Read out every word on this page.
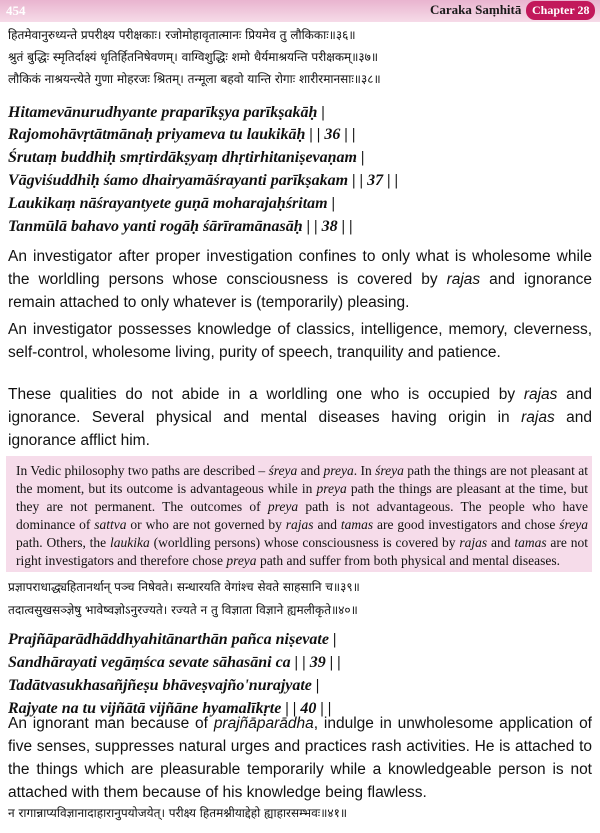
454	Caraka Saṃhitā Chapter 28
हितमेवानुरुध्यन्ते प्रपरीक्ष्य परीक्षकाः। रजोमोहावृतात्मानः प्रियमेव तु लौकिकाः॥३६॥
श्रुतं बुद्धिः स्मृतिर्दाक्ष्यं धृतिर्हितनिषेवणम्। वाग्विशुद्धिः शमो धैर्यमाश्रयन्ति परीक्षकम्॥३७॥
लौकिकं नाश्रयन्त्येते गुणा मोहरजः श्रितम्। तन्मूला बहवो यान्ति रोगाः शारीरमानसाः॥३८॥
Hitamevānurudhyante praparīkṣya parīkṣakāḥ |
Rajomohāvṛtātmānaḥ priyameva tu laukikāḥ | | 36 | |
Śrutaṃ buddhiḥ smṛtirdākṣyaṃ dhṛtirhitaniṣevaṇam |
Vāgviśuddhiḥ śamo dhairyamāśrayanti parīkṣakam | | 37 | |
Laukikaṃ nāśrayantyete guṇā moharajaḥśritam |
Tanmūlā bahavo yanti rogāḥ śārīramānasāḥ | | 38 | |
An investigator after proper investigation confines to only what is wholesome while the worldling persons whose consciousness is covered by rajas and ignorance remain attached to only whatever is (temporarily) pleasing.
An investigator possesses knowledge of classics, intelligence, memory, cleverness, self-control, wholesome living, purity of speech, tranquility and patience.
These qualities do not abide in a worldling one who is occupied by rajas and ignorance. Several physical and mental diseases having origin in rajas and ignorance afflict him.
In Vedic philosophy two paths are described – śreya and preya. In śreya path the things are not pleasant at the moment, but its outcome is advantageous while in preya path the things are pleasant at the time, but they are not permanent. The outcomes of preya path is not advantageous. The people who have dominance of sattva or who are not governed by rajas and tamas are good investigators and chose śreya path. Others, the laukika (worldling persons) whose consciousness is covered by rajas and tamas are not right investigators and therefore chose preya path and suffer from both physical and mental diseases.
प्रज्ञापराधाद्ध्यहितानर्थान् पञ्च निषेवते। सन्धारयति वेगांश्च सेवते साहसानि च॥३९॥
तदात्वसुखसञ्ज्ञेषु भावेष्वज्ञोऽनुरज्यते। रज्यते न तु विज्ञाता विज्ञाने ह्यमलीकृते॥४०॥
Prajñāparādhāddhyahitānarthān pañca niṣevate |
Sandhārayati vegāṃśca sevate sāhasāni ca | | 39 | |
Tadātvasukhasañjñeṣu bhāveṣvajño'nurajyate |
Rajyate na tu vijñātā vijñāne hyamalīkṛte | | 40 | |
An ignorant man because of prajñāparādha, indulge in unwholesome application of five senses, suppresses natural urges and practices rash activities. He is attached to the things which are pleasurable temporarily while a knowledgeable person is not attached with them because of his knowledge being flawless.
न रागान्नाप्यविज्ञानादाहारानुपयोजयेत्। परीक्ष्य हितमश्नीयाद्देहो ह्याहारसम्भवः॥४१॥
